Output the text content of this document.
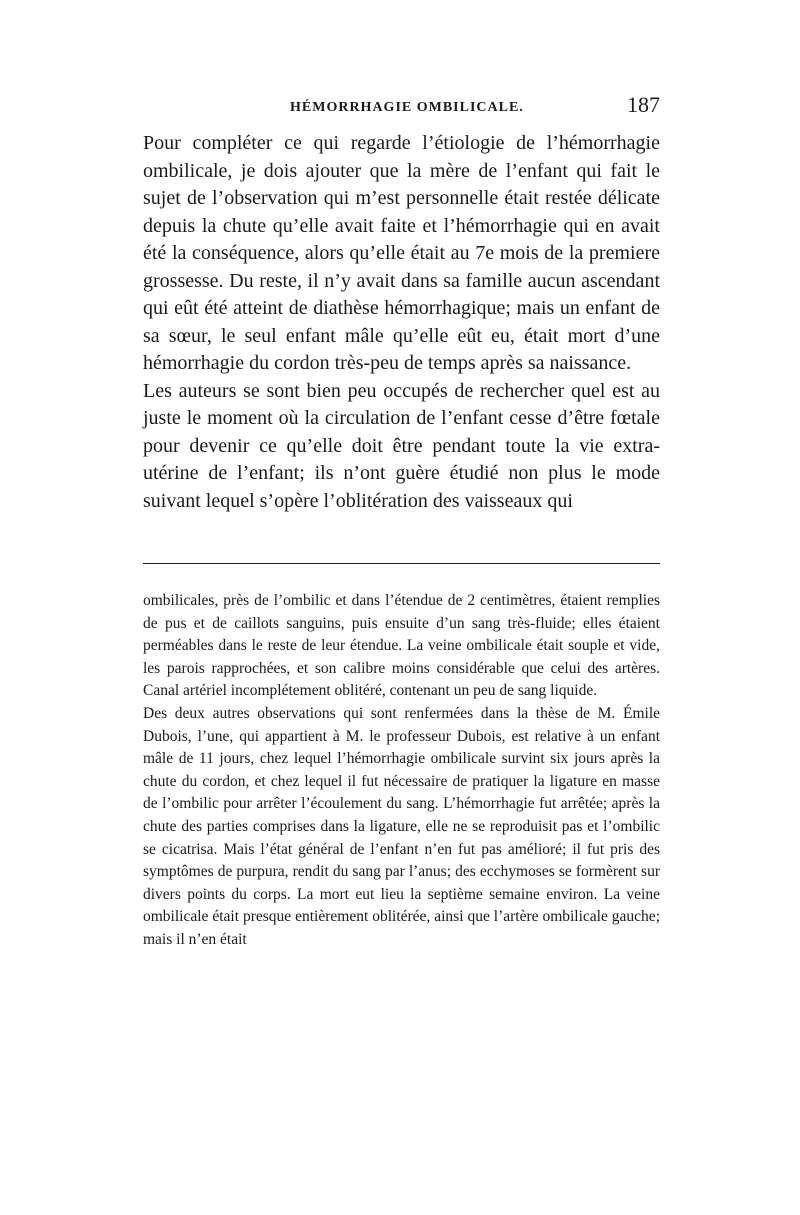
HÉMORRHAGIE OMBILICALE.	187

Pour compléter ce qui regarde l’étiologie de l’hémorrhagie ombilicale, je dois ajouter que la mère de l’enfant qui fait le sujet de l’observation qui m’est personnelle était restée délicate depuis la chute qu’elle avait faite et l’hémorrhagie qui en avait été la conséquence, alors qu’elle était au 7e mois de la premiere grossesse. Du reste, il n’y avait dans sa famille aucun ascendant qui eût été atteint de diathèse hémorrhagique; mais un enfant de sa sœur, le seul enfant mâle qu’elle eût eu, était mort d’une hémorrhagie du cordon très-peu de temps après sa naissance.

Les auteurs se sont bien peu occupés de rechercher quel est au juste le moment où la circulation de l’enfant cesse d’être fœtale pour devenir ce qu’elle doit être pendant toute la vie extra-utérine de l’enfant; ils n’ont guère étudié non plus le mode suivant lequel s’opère l’oblitération des vaisseaux qui

ombilicales, près de l’ombilic et dans l’étendue de 2 centimètres, étaient remplies de pus et de caillots sanguins, puis ensuite d’un sang très-fluide; elles étaient perméables dans le reste de leur étendue. La veine ombilicale était souple et vide, les parois rapprochées, et son calibre moins considérable que celui des artères. Canal artériel incomplétement oblitéré, contenant un peu de sang liquide.

Des deux autres observations qui sont renfermées dans la thèse de M. Émile Dubois, l’une, qui appartient à M. le professeur Dubois, est relative à un enfant mâle de 11 jours, chez lequel l’hémorrhagie ombilicale survint six jours après la chute du cordon, et chez lequel il fut nécessaire de pratiquer la ligature en masse de l’ombilic pour arrêter l’écoulement du sang. L’hémorrhagie fut arrêtée; après la chute des parties comprises dans la ligature, elle ne se reproduisit pas et l’ombilic se cicatrisa. Mais l’état général de l’enfant n’en fut pas amélioré; il fut pris des symptômes de purpura, rendit du sang par l’anus; des ecchymoses se formèrent sur divers points du corps. La mort eut lieu la septième semaine environ. La veine ombilicale était presque entièrement oblitérée, ainsi que l’artère ombilicale gauche; mais il n’en était
